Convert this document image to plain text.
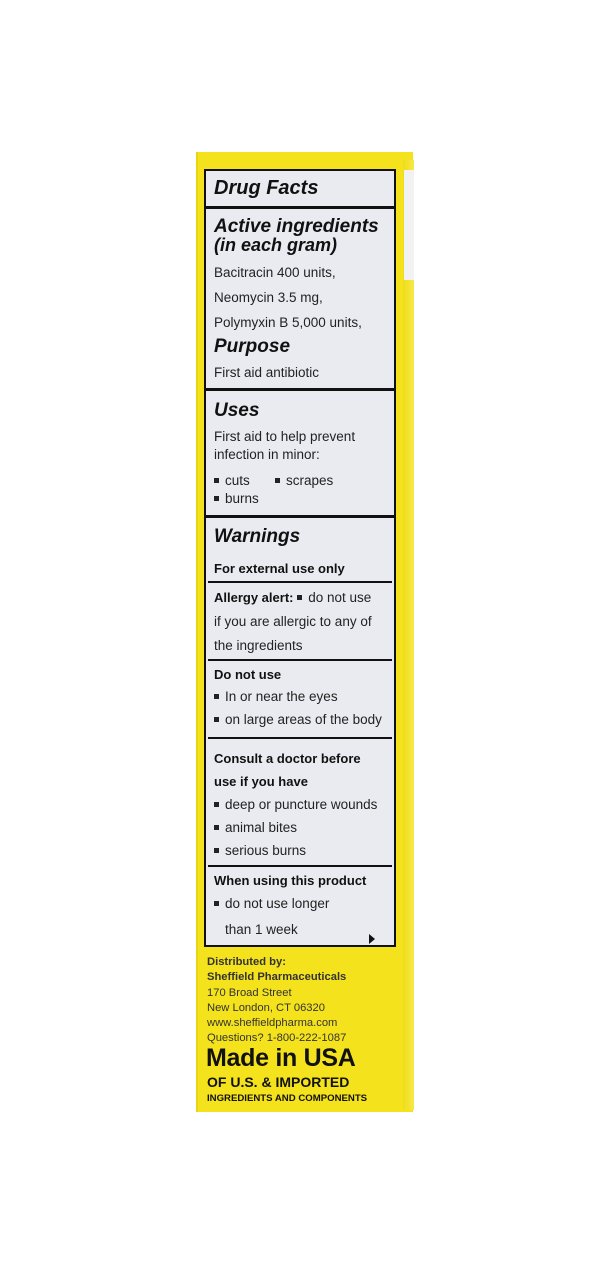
Drug Facts
Active ingredients
(in each gram)
Bacitracin 400 units,
Neomycin 3.5 mg,
Polymyxin B 5,000 units,
Purpose
First aid antibiotic
Uses
First aid to help prevent
infection in minor:
cuts	scrapes
burns
Warnings
For external use only
Allergy alert: do not use
if you are allergic to any of
the ingredients
Do not use
In or near the eyes
on large areas of the body
Consult a doctor before
use if you have
deep or puncture wounds
animal bites
serious burns
When using this product
do not use longer
than 1 week
Distributed by:
Sheffield Pharmaceuticals
170 Broad Street
New London, CT 06320
www.sheffieldpharma.com
Questions? 1-800-222-1087
Made in USA
OF U.S. & IMPORTED
INGREDIENTS AND COMPONENTS
